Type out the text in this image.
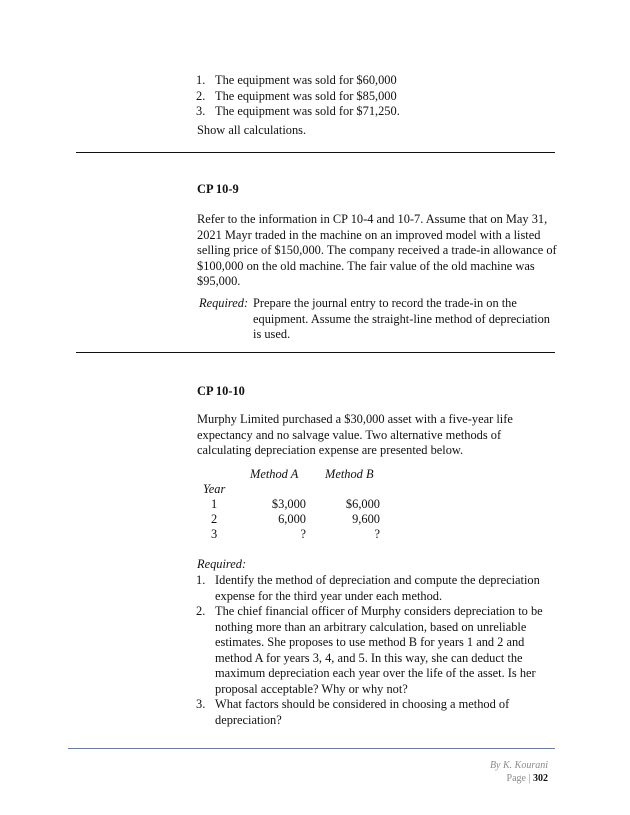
1. The equipment was sold for $60,000
2. The equipment was sold for $85,000
3. The equipment was sold for $71,250.
Show all calculations.
CP 10-9
Refer to the information in CP 10-4 and 10-7. Assume that on May 31, 2021 Mayr traded in the machine on an improved model with a listed selling price of $150,000. The company received a trade-in allowance of $100,000 on the old machine. The fair value of the old machine was $95,000.
Required: Prepare the journal entry to record the trade-in on the equipment. Assume the straight-line method of depreciation is used.
CP 10-10
Murphy Limited purchased a $30,000 asset with a five-year life expectancy and no salvage value. Two alternative methods of calculating depreciation expense are presented below.
Method A Method B
Year
1	$3,000	$6,000
2	6,000	9,600
3	?	?
Required:
1. Identify the method of depreciation and compute the depreciation expense for the third year under each method.
2. The chief financial officer of Murphy considers depreciation to be nothing more than an arbitrary calculation, based on unreliable estimates. She proposes to use method B for years 1 and 2 and method A for years 3, 4, and 5. In this way, she can deduct the maximum depreciation each year over the life of the asset. Is her proposal acceptable? Why or why not?
3. What factors should be considered in choosing a method of depreciation?
By K. Kourani
Page | 302
